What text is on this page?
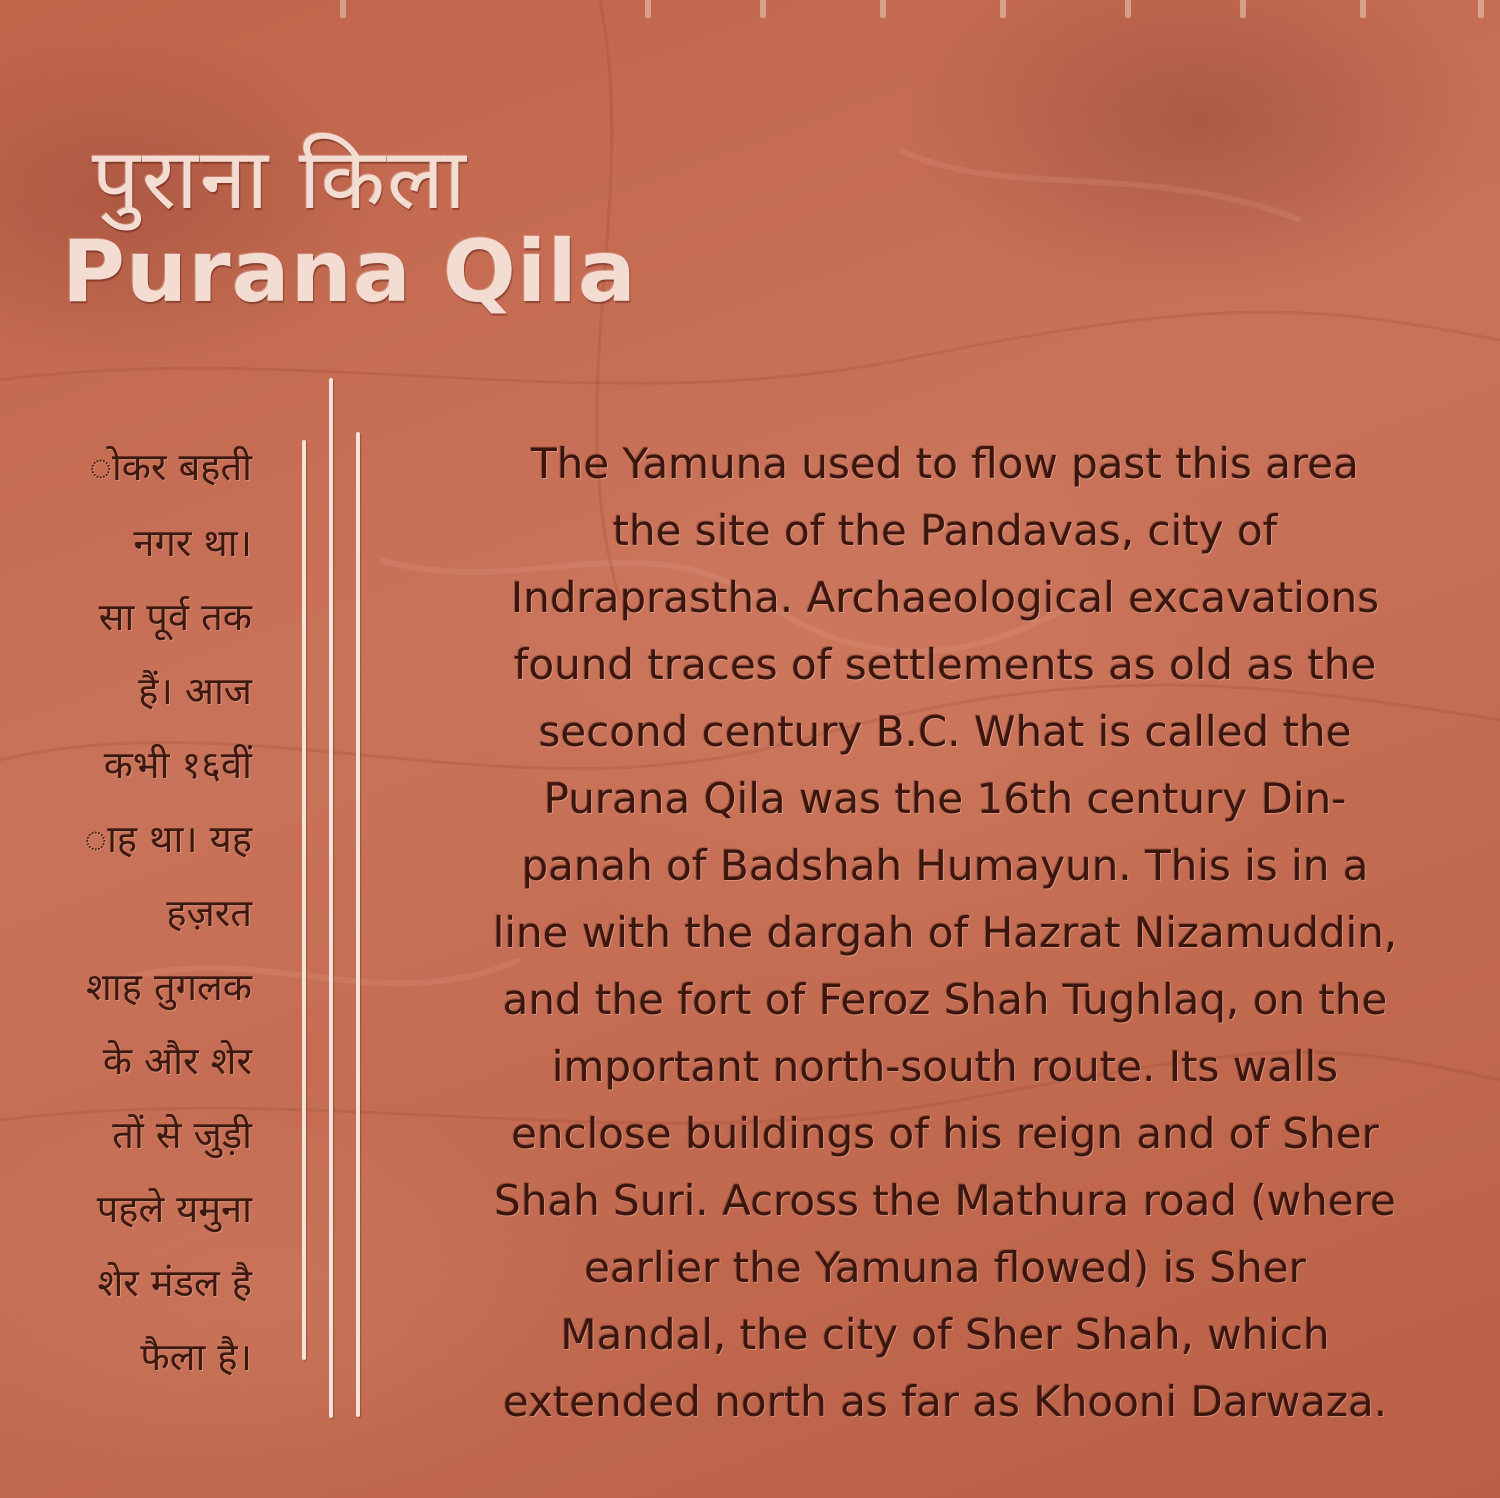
पुराना किला
Purana Qila

ोकर बहती

नगर था।

सा पूर्व तक

हैं। आज

कभी १६वीं

ाह था। यह

हज़रत

शाह तुगलक

के और शेर

तों से जुड़ी

पहले यमुना

शेर मंडल है

फैला है।

The Yamuna used to flow past this area

the site of the Pandavas, city of

Indraprastha. Archaeological excavations

found traces of settlements as old as the

second century B.C. What is called the

Purana Qila was the 16th century Din-

panah of Badshah Humayun. This is in a

line with the dargah of Hazrat Nizamuddin,

and the fort of Feroz Shah Tughlaq, on the

important north-south route. Its walls

enclose buildings of his reign and of Sher

Shah Suri. Across the Mathura road (where

earlier the Yamuna flowed) is Sher

Mandal, the city of Sher Shah, which

extended north as far as Khooni Darwaza.
